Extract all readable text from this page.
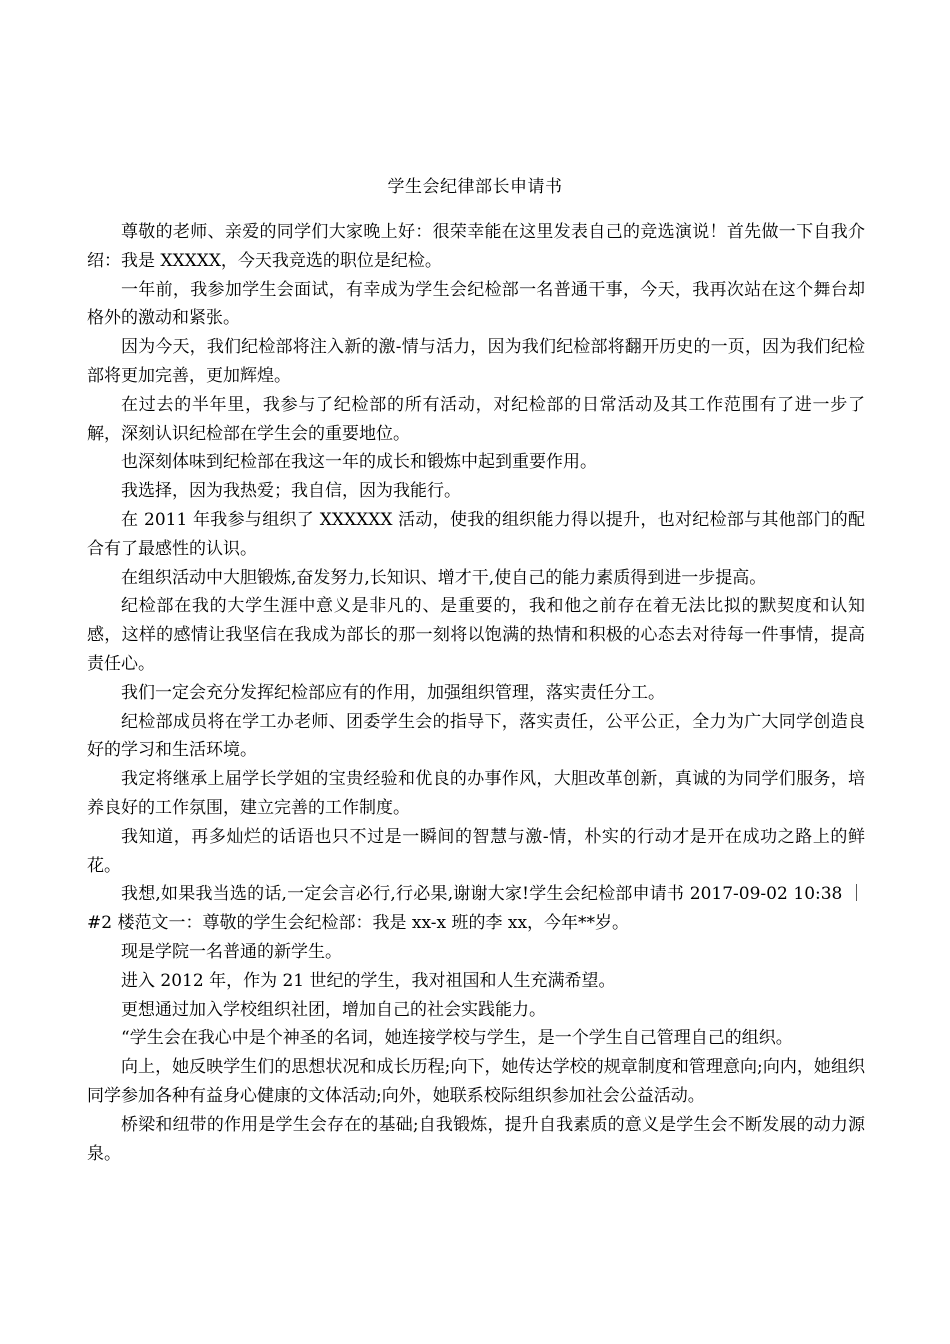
学生会纪律部长申请书

尊敬的老师、亲爱的同学们大家晚上好：很荣幸能在这里发表自己的竞选演说！首先做一下自我介绍：我是 XXXXX，今天我竞选的职位是纪检。

一年前，我参加学生会面试，有幸成为学生会纪检部一名普通干事，今天，我再次站在这个舞台却格外的激动和紧张。

因为今天，我们纪检部将注入新的激-情与活力，因为我们纪检部将翻开历史的一页，因为我们纪检部将更加完善，更加辉煌。

在过去的半年里，我参与了纪检部的所有活动，对纪检部的日常活动及其工作范围有了进一步了解，深刻认识纪检部在学生会的重要地位。

也深刻体味到纪检部在我这一年的成长和锻炼中起到重要作用。

我选择，因为我热爱；我自信，因为我能行。

在 2011 年我参与组织了 XXXXXX 活动，使我的组织能力得以提升，也对纪检部与其他部门的配合有了最感性的认识。

在组织活动中大胆锻炼,奋发努力,长知识、增才干,使自己的能力素质得到进一步提高。

纪检部在我的大学生涯中意义是非凡的、是重要的，我和他之前存在着无法比拟的默契度和认知感，这样的感情让我坚信在我成为部长的那一刻将以饱满的热情和积极的心态去对待每一件事情，提高责任心。

我们一定会充分发挥纪检部应有的作用，加强组织管理，落实责任分工。

纪检部成员将在学工办老师、团委学生会的指导下，落实责任，公平公正，全力为广大同学创造良好的学习和生活环境。

我定将继承上届学长学姐的宝贵经验和优良的办事作风，大胆改革创新，真诚的为同学们服务，培养良好的工作氛围，建立完善的工作制度。

我知道，再多灿烂的话语也只不过是一瞬间的智慧与激-情，朴实的行动才是开在成功之路上的鲜花。

我想,如果我当选的话,一定会言必行,行必果,谢谢大家!学生会纪检部申请书 2017-09-02 10:38 ｜ #2 楼范文一：尊敬的学生会纪检部：我是 xx-x 班的李 xx，今年**岁。

现是学院一名普通的新学生。

进入 2012 年，作为 21 世纪的学生，我对祖国和人生充满希望。

更想通过加入学校组织社团，增加自己的社会实践能力。

“学生会在我心中是个神圣的名词，她连接学校与学生，是一个学生自己管理自己的组织。

向上，她反映学生们的思想状况和成长历程;向下，她传达学校的规章制度和管理意向;向内，她组织同学参加各种有益身心健康的文体活动;向外，她联系校际组织参加社会公益活动。

桥梁和纽带的作用是学生会存在的基础;自我锻炼，提升自我素质的意义是学生会不断发展的动力源泉。
